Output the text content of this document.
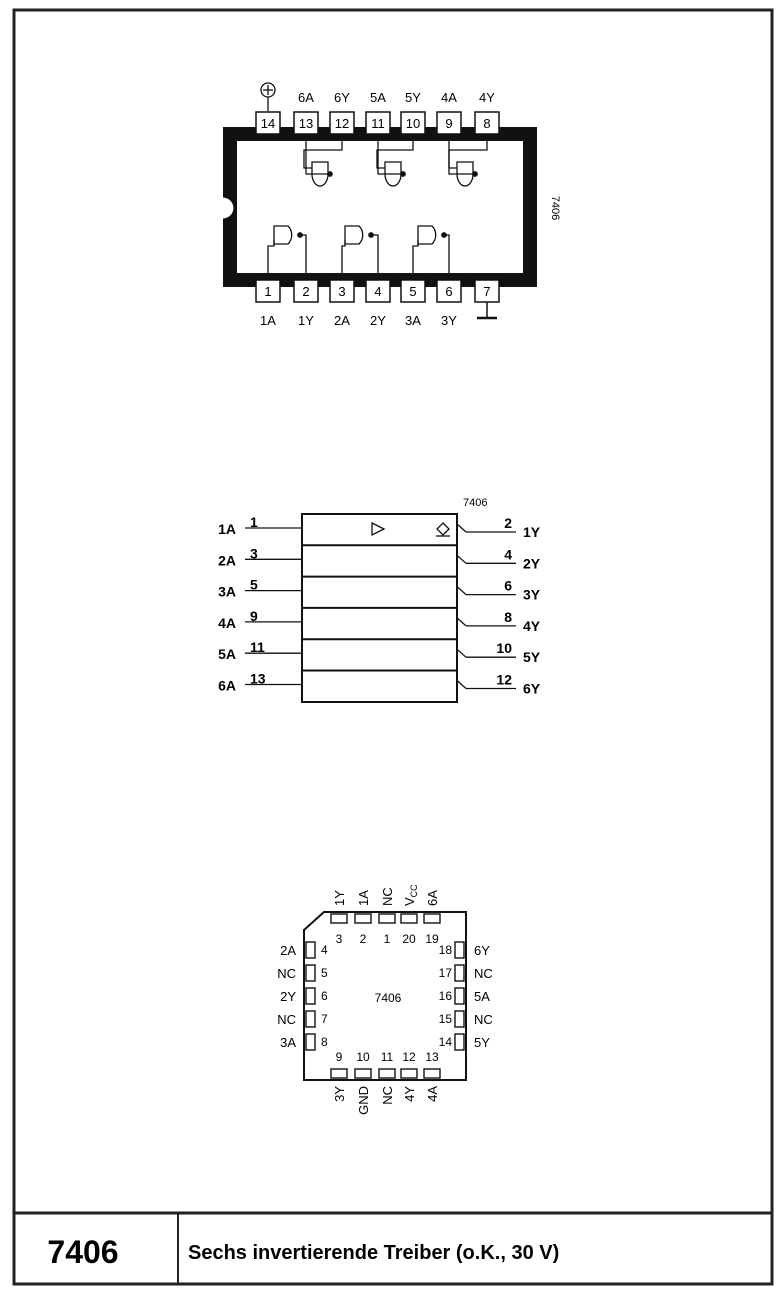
7406
14 13
6A
12
6Y
11
5A
10
5Y
9
4A
8
4Y
1
1A
2
1Y
3
2A
4
2Y
5
3A
6
3Y
7
7406
1A 1	2
1Y
2A 3	4
2Y
3A 5	6
3Y
4A 9	8
4Y
5A 11	10
5Y
6A 13	12
6Y
7406
3
1Y
2
1A
1
NC
20
$V_{CC}$
19
6A
4
2A
5
NC
6
2Y
7
NC
8
3A
18 6Y
17 NC
16 5A
15 NC
14 5Y
9
3Y
10
GND
11
NC
12
4Y
13
4A
7406	Sechs invertierende Treiber (o.K., 30 V)
